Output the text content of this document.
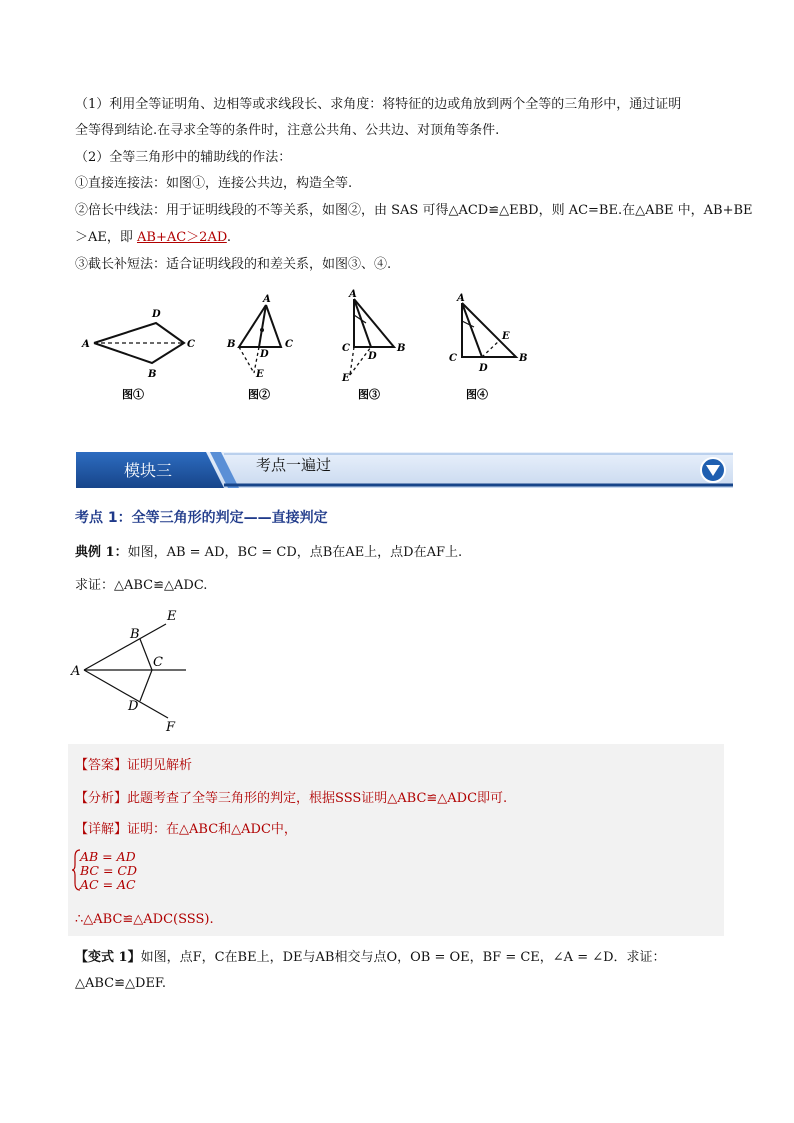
（1）利用全等证明角、边相等或求线段长、求角度：将特征的边或角放到两个全等的三角形中，通过证明
全等得到结论.在寻求全等的条件时，注意公共角、公共边、对顶角等条件.
（2）全等三角形中的辅助线的作法：
①直接连接法：如图①，连接公共边，构造全等.
②倍长中线法：用于证明线段的不等关系，如图②，由 SAS 可得△ACD≌△EBD，则 AC=BE.在△ABE 中，AB+BE
＞AE，即 AB+AC＞2AD.
③截长补短法：适合证明线段的和差关系，如图③、④.
A
D
C
B
图①
A
B	C
D
E
图②
A
C	B
D
E
图③
A
C	B
D
E
图④
模块三	考点一遍过
考点 1：全等三角形的判定——直接判定
典例 1：如图，AB = AD，BC = CD，点B在AE上，点D在AF上.
求证：△ABC≌△ADC.
A
B
C
D
E
F
【答案】证明见解析
【分析】此题考查了全等三角形的判定，根据SSS证明△ABC≌△ADC即可.
【详解】证明：在△ABC和△ADC中，
AB = AD
BC = CD
AC = AC
∴△ABC≌△ADC(SSS).
【变式 1】如图，点F，C在BE上，DE与AB相交与点O，OB = OE，BF = CE，∠A = ∠D．求证：
△ABC≌△DEF.
